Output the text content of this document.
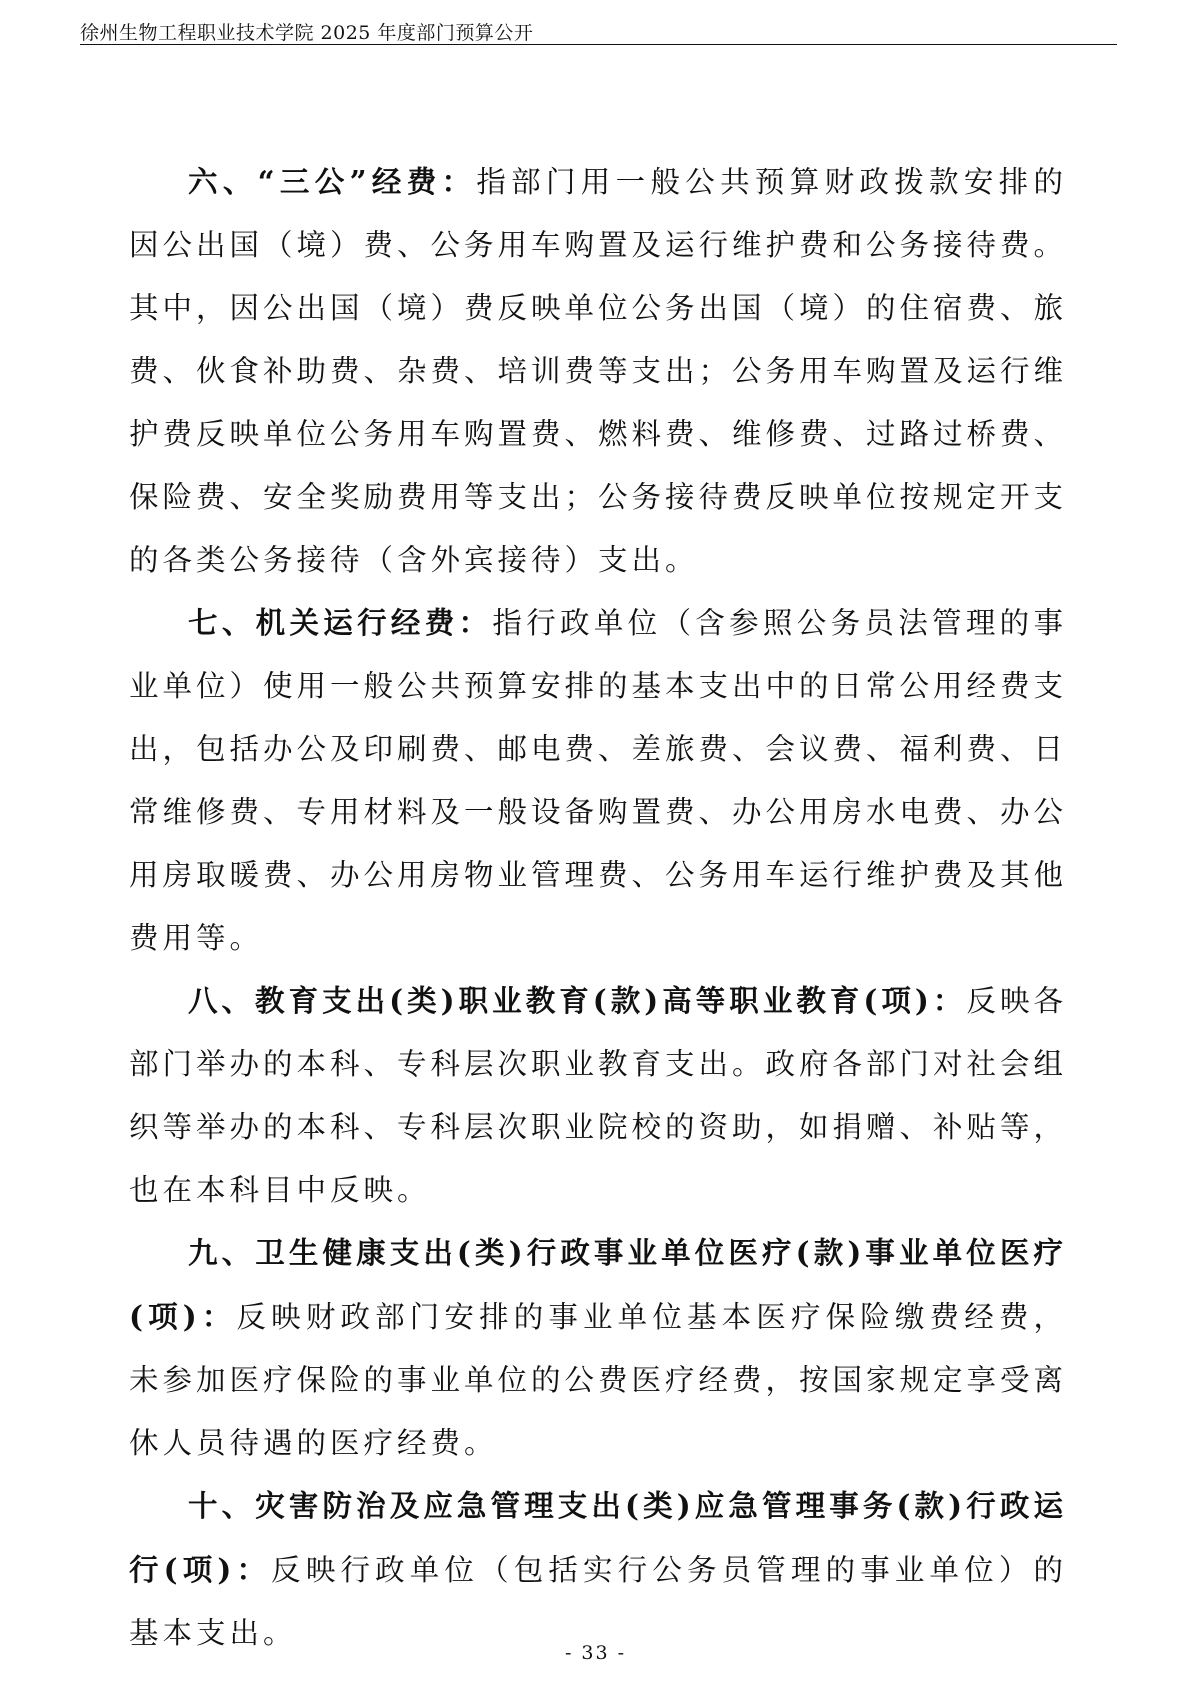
徐州生物工程职业技术学院 2025 年度部门预算公开

六、“三公”经费：指部门用一般公共预算财政拨款安排的因公出国（境）费、公务用车购置及运行维护费和公务接待费。其中，因公出国（境）费反映单位公务出国（境）的住宿费、旅费、伙食补助费、杂费、培训费等支出；公务用车购置及运行维护费反映单位公务用车购置费、燃料费、维修费、过路过桥费、保险费、安全奖励费用等支出；公务接待费反映单位按规定开支的各类公务接待（含外宾接待）支出。

七、机关运行经费：指行政单位（含参照公务员法管理的事业单位）使用一般公共预算安排的基本支出中的日常公用经费支出，包括办公及印刷费、邮电费、差旅费、会议费、福利费、日常维修费、专用材料及一般设备购置费、办公用房水电费、办公用房取暖费、办公用房物业管理费、公务用车运行维护费及其他费用等。

八、教育支出(类)职业教育(款)高等职业教育(项)：反映各部门举办的本科、专科层次职业教育支出。政府各部门对社会组织等举办的本科、专科层次职业院校的资助，如捐赠、补贴等，也在本科目中反映。

九、卫生健康支出(类)行政事业单位医疗(款)事业单位医疗(项)：反映财政部门安排的事业单位基本医疗保险缴费经费，未参加医疗保险的事业单位的公费医疗经费，按国家规定享受离休人员待遇的医疗经费。

十、灾害防治及应急管理支出(类)应急管理事务(款)行政运行(项)：反映行政单位（包括实行公务员管理的事业单位）的基本支出。

- 33 -
